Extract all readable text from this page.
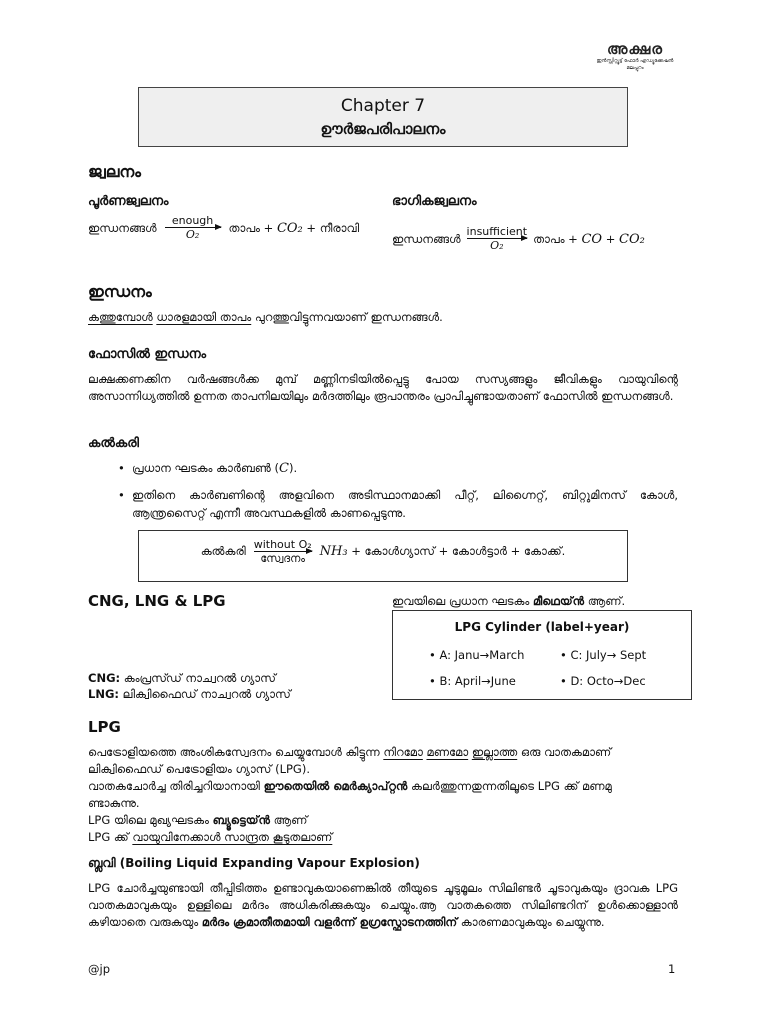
അക്ഷര
ഇൻസ്റ്റിറ്റ്യൂട്ട് ഫോർ എഡ്യൂക്കേഷൻ
മലപ്പുറം
Chapter 7
ഊർജപരിപാലനം
ജ്വലനം
പൂർണജ്വലനം	ഭാഗികജ്വലനം
ഇന്ധനങ്ങൾ enough
O₂	താപം +
CO₂
+ നീരാവി
ഇന്ധനങ്ങൾ insufficient
O₂	താപം +
CO
+
CO₂
ഇന്ധനം
കത്തുമ്പോൾ ധാരളമായി താപം പുറത്തുവിട്ടുന്നവയാണ് ഇന്ധനങ്ങൾ.
ഫോസിൽ ഇന്ധനം
ലക്ഷക്കണക്കിന വർഷങ്ങൾക്ക മുമ്പ് മണ്ണിനടിയിൽപ്പെട്ടു പോയ സസ്യങ്ങളും ജീവികളും വായുവിന്റെ അസാന്നിധ്യത്തിൽ ഉന്നത താപനിലയിലും മർദത്തിലും രൂപാന്തരം പ്രാപിച്ചുണ്ടായതാണ് ഫോസിൽ ഇന്ധനങ്ങൾ.
കൽകരി
• പ്രധാന ഘടകം കാർബൺ (C).
• ഇതിനെ കാർബണിന്റെ അളവിനെ അടിസ്ഥാനമാക്കി പീറ്റ്, ലിഗ്നൈറ്റ്, ബിറ്റുമിനസ് കോൾ, ആന്ത്രസൈറ്റ് എന്നീ അവസ്ഥകളിൽ കാണപ്പെടുന്നു.
കൽകരി without O₂
സ്വേദനം NH₃
+ കോൾഗ്യാസ് + കോൾട്ടാർ + കോക്ക്.
CNG, LNG & LPG	ഇവയിലെ പ്രധാന ഘടകം മീഥെയ്ൻ ആണ്.
LPG Cylinder (label+year)
• A: Janu→March	• C: July→ Sept
• B: April→June	• D: Octo→Dec
CNG: കംപ്രസ്ഡ് നാച്വറൽ ഗ്യാസ്
LNG: ലിക്വിഫൈഡ് നാച്വറൽ ഗ്യാസ്
LPG
പെട്രോളിയത്തെ അംശികസ്വേദനം ചെയ്യുമ്പോൾ കിട്ടുന്ന നിറമോ മണമോ ഇല്ലാത്ത ഒരു വാതകമാണ്
ലിക്വിഫൈഡ് പെട്രോളിയം ഗ്യാസ് (LPG).
വാതകചോർച്ച തിരിച്ചറിയാനായി ഈതെയിൽ മെർക്യാപ്റ്റൻ കലർത്തുന്നതുന്നതിലൂടെ LPG ക്ക് മണമു
ണ്ടാകുന്നു.
LPG യിലെ മുഖ്യഘടകം ബ്യൂട്ടെയ്ൻ ആണ്
LPG ക്ക് വായുവിനേക്കാൾ സാന്ദ്രത കൂടുതലാണ്
ബ്ലവി (Boiling Liquid Expanding Vapour Explosion)
LPG ചോർച്ചയുണ്ടായി തീപ്പിടിത്തം ഉണ്ടാവുകയാണെങ്കിൽ തീയുടെ ചൂടുമൂലം സിലിണ്ടർ ചൂടാവുകയും ദ്രാവക LPG വാതകമാവുകയും ഉള്ളിലെ മർദം അധികരിക്കുകയും ചെയ്യും.ആ വാതകത്തെ സിലിണ്ടറിന് ഉൾക്കൊള്ളാൻ കഴിയാതെ വരുകയും മർദം ക്രമാതീതമായി വളർന്ന് ഉഗ്രസ്ഫോടനത്തിന് കാരണമാവുകയും ചെയ്യുന്നു.
@jp	1
